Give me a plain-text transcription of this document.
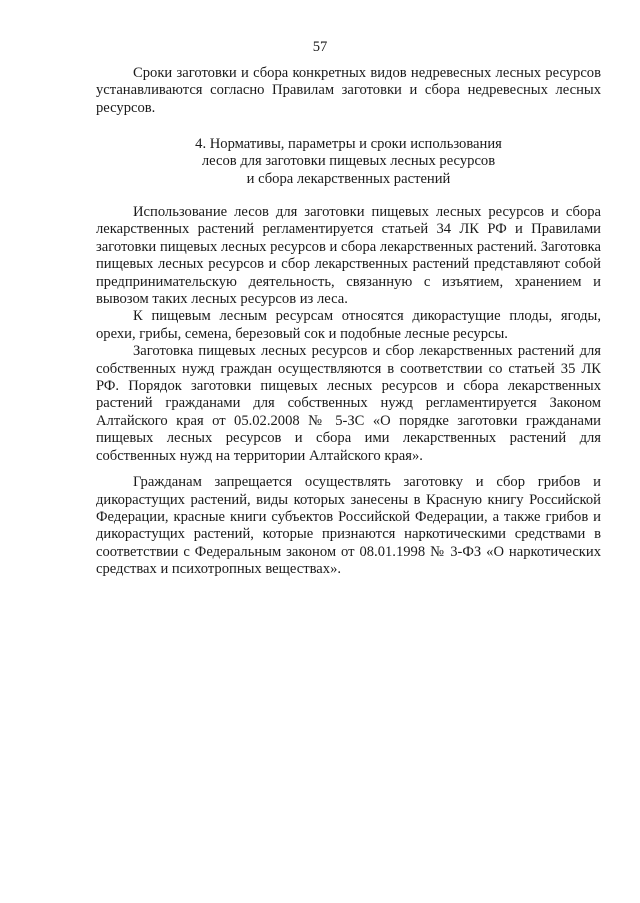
57

Сроки заготовки и сбора конкретных видов недревесных лесных ресурсов устанавливаются согласно Правилам заготовки и сбора недревесных лесных ресурсов.

4. Нормативы, параметры и сроки использования
лесов для заготовки пищевых лесных ресурсов
и сбора лекарственных растений

Использование лесов для заготовки пищевых лесных ресурсов и сбора лекарственных растений регламентируется статьей 34 ЛК РФ и Правилами заготовки пищевых лесных ресурсов и сбора лекарственных растений. Заготовка пищевых лесных ресурсов и сбор лекарственных растений представляют собой предпринимательскую деятельность, связанную с изъятием, хранением и вывозом таких лесных ресурсов из леса.

К пищевым лесным ресурсам относятся дикорастущие плоды, ягоды, орехи, грибы, семена, березовый сок и подобные лесные ресурсы.

Заготовка пищевых лесных ресурсов и сбор лекарственных растений для собственных нужд граждан осуществляются в соответствии со статьей 35 ЛК РФ. Порядок заготовки пищевых лесных ресурсов и сбора лекарственных растений гражданами для собственных нужд регламентируется Законом Алтайского края от 05.02.2008 № 5-ЗС «О порядке заготовки гражданами пищевых лесных ресурсов и сбора ими лекарственных растений для собственных нужд на территории Алтайского края».

Гражданам запрещается осуществлять заготовку и сбор грибов и дикорастущих растений, виды которых занесены в Красную книгу Российской Федерации, красные книги субъектов Российской Федерации, а также грибов и дикорастущих растений, которые признаются наркотическими средствами в соответствии с Федеральным законом от 08.01.1998 № 3-ФЗ «О наркотических средствах и психотропных веществах».
